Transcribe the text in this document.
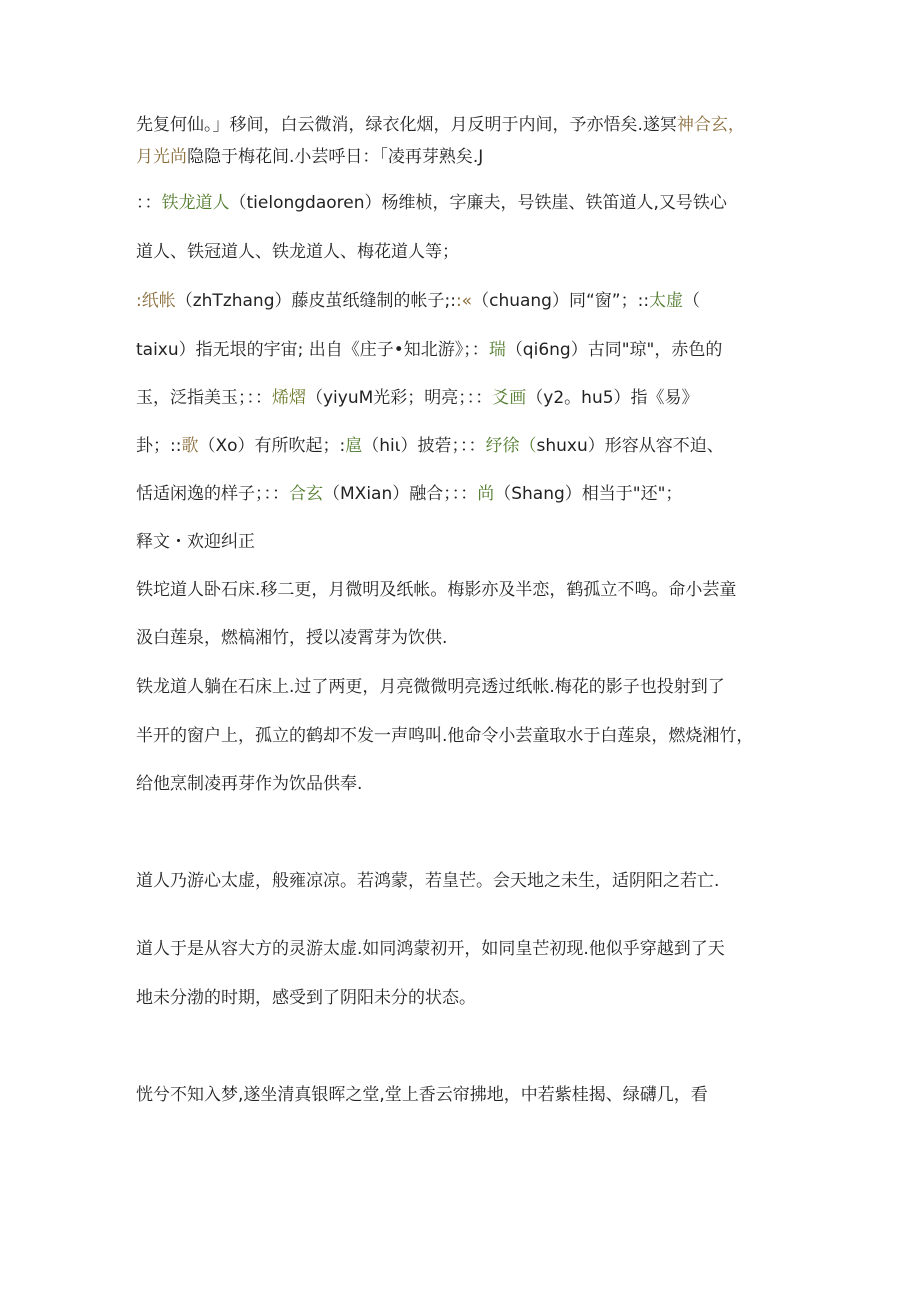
先复何仙。」移间，白云微消，绿衣化烟，月反明于内间，予亦悟矣.遂冥神合玄，
月光尚隐隐于梅花间.小芸呼日：「凌再芽熟矣.J
：：铁龙道人（tielongdaoren）杨维桢，字廉夫，号铁崖、铁笛道人,又号铁心
道人、铁冠道人、铁龙道人、梅花道人等；
:纸帐（zhTzhang）藤皮茧纸缝制的帐子;::«（chuang）同“窗”；::太虚（
taixu）指无垠的宇宙; 出自《庄子•知北游》；：瑞（qi6ng）古同"琼"，赤色的
玉，泛指美玉；：：烯熠（yiyuM光彩；明亮；：：爻画（y2。hu5）指《易》
卦；::歌（Xo）有所吹起；:扈（hiι）披菪；：：纾徐（shuxu）形容从容不迫、
恬适闲逸的样子；：：合玄（MXian）融合；：：尚（Shang）相当于"还"；
释文・欢迎纠正
铁坨道人卧石床.移二更，月微明及纸帐。梅影亦及半恋，鹤孤立不鸣。命小芸童
汲白莲泉，燃槁湘竹，授以凌霄芽为饮供.
铁龙道人躺在石床上.过了两更，月亮微微明亮透过纸帐.梅花的影子也投射到了
半开的窗户上，孤立的鹤却不发一声鸣叫.他命令小芸童取水于白莲泉，燃烧湘竹，
给他烹制凌再芽作为饮品供奉.
道人乃游心太虚，般雍凉凉。若鸿蒙，若皇芒。会天地之未生，适阴阳之若亡.
道人于是从容大方的灵游太虚.如同鸿蒙初开，如同皇芒初现.他似乎穿越到了天
地未分渤的时期，感受到了阴阳未分的状态。
恍兮不知入梦,遂坐清真银晖之堂,堂上香云帘拂地，中若紫桂揭、绿礴几，看
